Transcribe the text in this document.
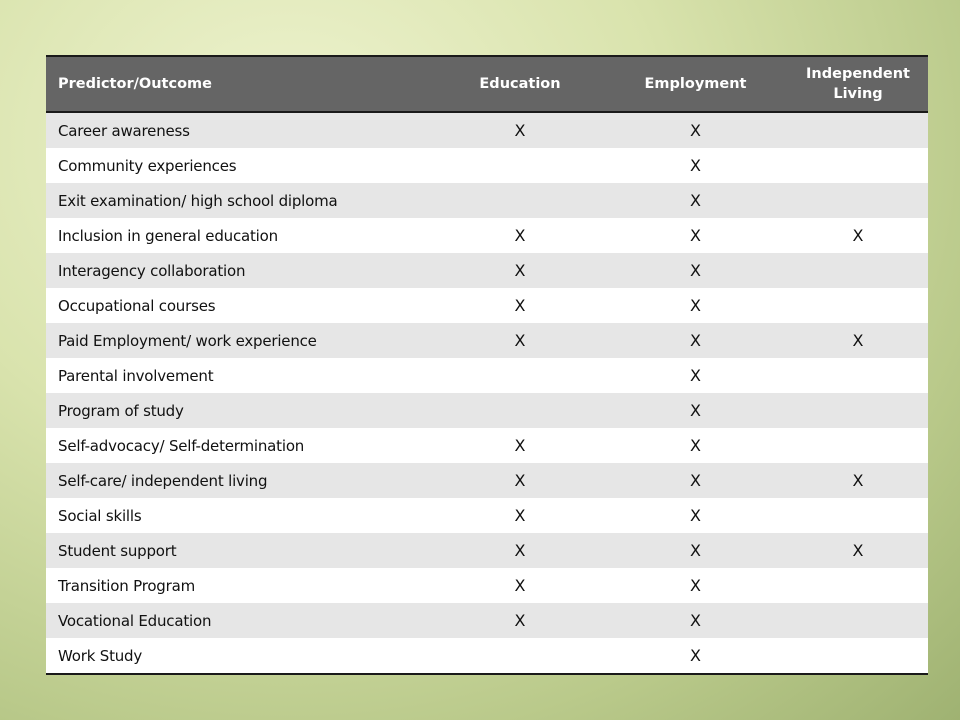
Predictor/Outcome	Education	Employment	Independent Living
Career awareness	X	X	
Community experiences		X	
Exit examination/ high school diploma		X	
Inclusion in general education	X	X	X
Interagency collaboration	X	X	
Occupational courses	X	X	
Paid Employment/ work experience	X	X	X
Parental involvement		X	
Program of study		X	
Self-advocacy/ Self-determination	X	X	
Self-care/ independent living	X	X	X
Social skills	X	X	
Student support	X	X	X
Transition Program	X	X	
Vocational Education	X	X	
Work Study		X	
